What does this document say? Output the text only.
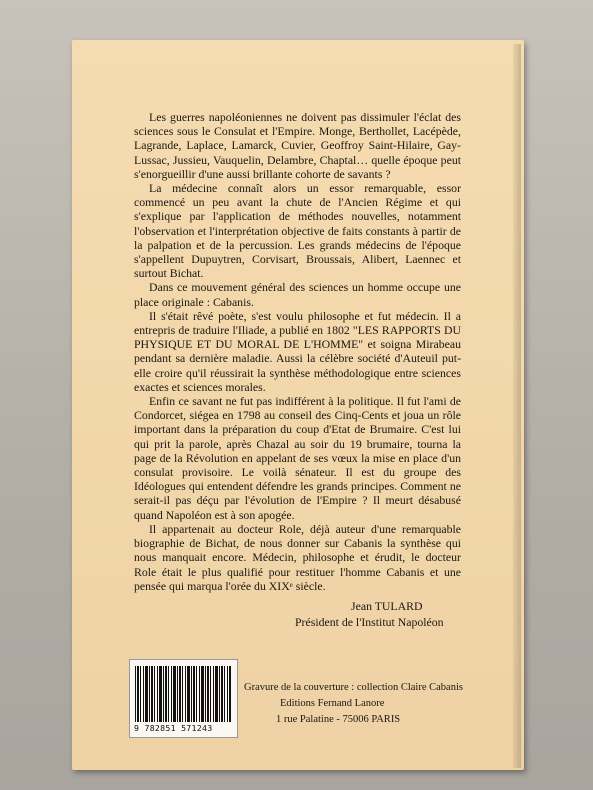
Les guerres napoléoniennes ne doivent pas dissimuler l'éclat des sciences sous le Consulat et l'Empire. Monge, Berthollet, Lacépède, Lagrande, Laplace, Lamarck, Cuvier, Geoffroy Saint-Hilaire, Gay-Lussac, Jussieu, Vauquelin, Delambre, Chaptal… quelle époque peut s'enorgueillir d'une aussi brillante cohorte de savants ?

La médecine connaît alors un essor remarquable, essor commencé un peu avant la chute de l'Ancien Régime et qui s'explique par l'application de méthodes nouvelles, notamment l'observation et l'interprétation objective de faits constants à partir de la palpation et de la percussion. Les grands médecins de l'époque s'appellent Dupuytren, Corvisart, Broussais, Alibert, Laennec et surtout Bichat.

Dans ce mouvement général des sciences un homme occupe une place originale : Cabanis.

Il s'était rêvé poète, s'est voulu philosophe et fut médecin. Il a entrepris de traduire l'Iliade, a publié en 1802 "LES RAPPORTS DU PHYSIQUE ET DU MORAL DE L'HOMME" et soigna Mirabeau pendant sa dernière maladie. Aussi la célèbre société d'Auteuil put-elle croire qu'il réussirait la synthèse méthodologique entre sciences exactes et sciences morales.

Enfin ce savant ne fut pas indifférent à la politique. Il fut l'ami de Condorcet, siégea en 1798 au conseil des Cinq-Cents et joua un rôle important dans la préparation du coup d'Etat de Brumaire. C'est lui qui prit la parole, après Chazal au soir du 19 brumaire, tourna la page de la Révolution en appelant de ses vœux la mise en place d'un consulat provisoire. Le voilà sénateur. Il est du groupe des Idéologues qui entendent défendre les grands principes. Comment ne serait-il pas déçu par l'évolution de l'Empire ? Il meurt désabusé quand Napoléon est à son apogée.

Il appartenait au docteur Role, déjà auteur d'une remarquable biographie de Bichat, de nous donner sur Cabanis la synthèse qui nous manquait encore. Médecin, philosophe et érudit, le docteur Role était le plus qualifié pour restituer l'homme Cabanis et une pensée qui marqua l'orée du XIXᵉ siècle.

Jean TULARD
Président de l'Institut Napoléon
9 782851 571243
Gravure de la couverture : collection Claire Cabanis
Editions Fernand Lanore
1 rue Palatine - 75006 PARIS
